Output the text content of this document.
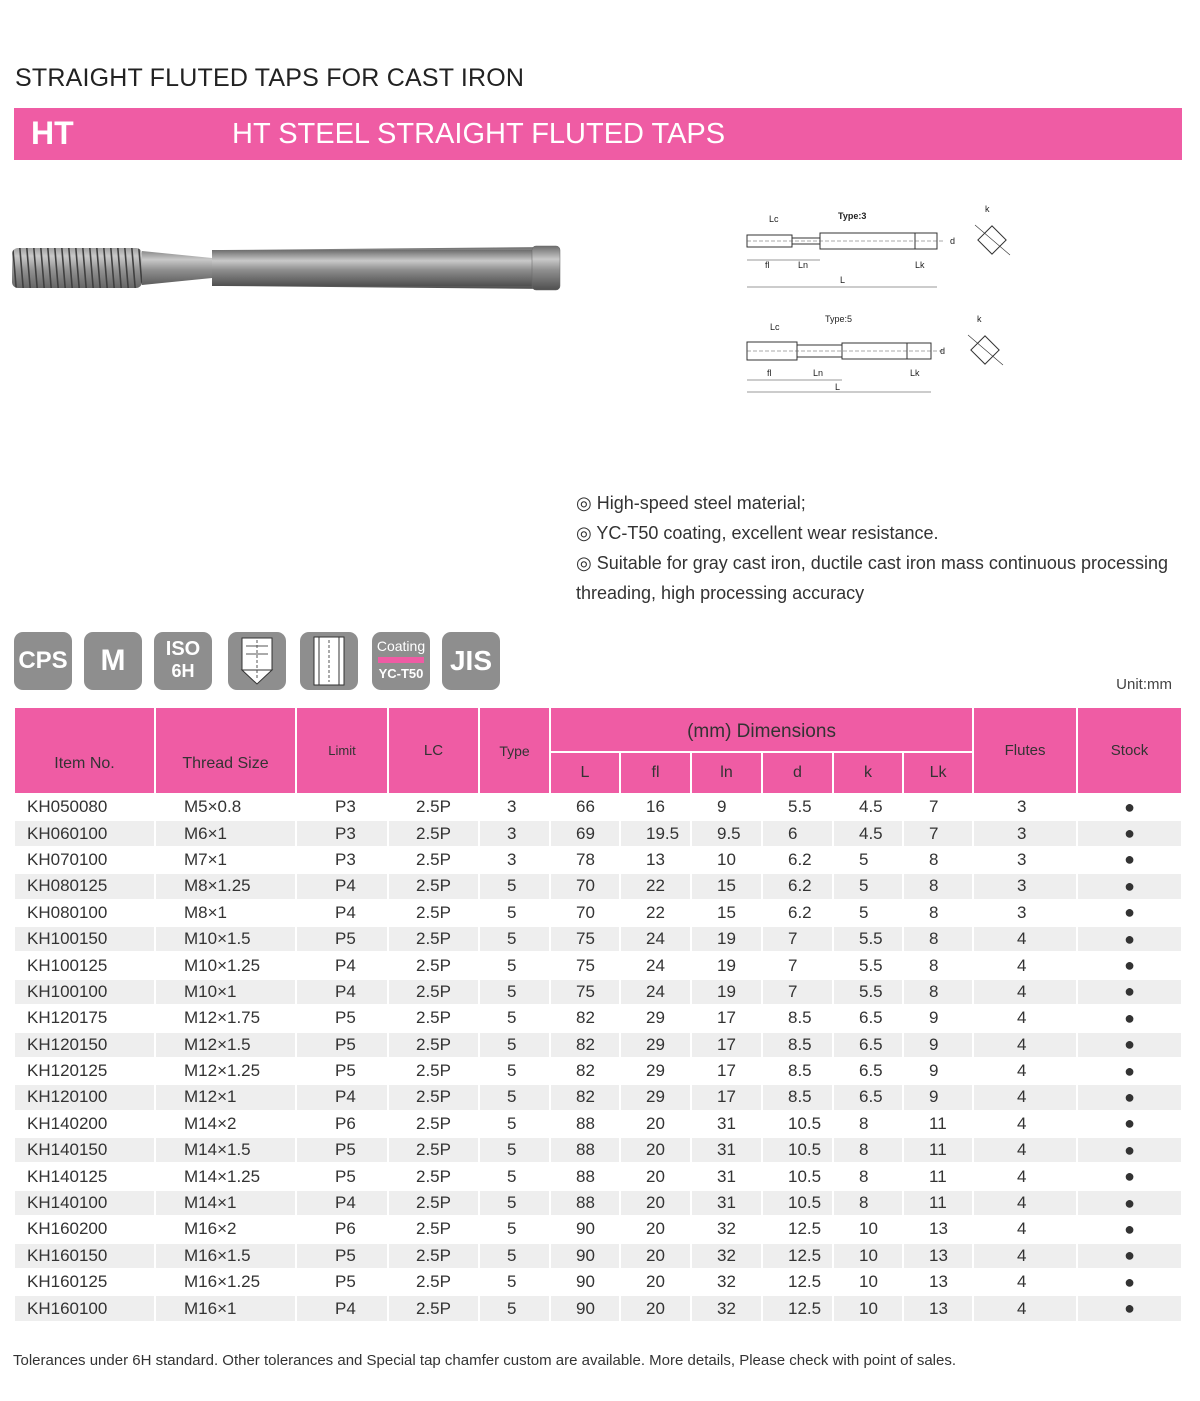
STRAIGHT FLUTED TAPS FOR CAST IRON
HT	HT STEEL STRAIGHT FLUTED TAPS
Type:3
Lc
fl	Ln
L
Lk
d
k
Type:5
Lc
fl	Ln
L
Lk
d
k
◎ High-speed steel material;
◎ YC-T50 coating, excellent wear resistance.
◎ Suitable for gray cast iron, ductile cast iron mass continuous processing threading, high processing accuracy
CPS	M	ISO
6H
Coating
YC-T50 JIS
Unit:mm
Item No.	Thread Size	Limit	LC	Type	(mm) Dimensions						Flutes	Stock
					L	fl	ln	d	k	Lk		
KH050080	M5×0.8	P3	2.5P	3	66	16	9	5.5	4.5	7	3	●
KH060100	M6×1	P3	2.5P	3	69	19.5	9.5	6	4.5	7	3	●
KH070100	M7×1	P3	2.5P	3	78	13	10	6.2	5	8	3	●
KH080125	M8×1.25	P4	2.5P	5	70	22	15	6.2	5	8	3	●
KH080100	M8×1	P4	2.5P	5	70	22	15	6.2	5	8	3	●
KH100150	M10×1.5	P5	2.5P	5	75	24	19	7	5.5	8	4	●
KH100125	M10×1.25	P4	2.5P	5	75	24	19	7	5.5	8	4	●
KH100100	M10×1	P4	2.5P	5	75	24	19	7	5.5	8	4	●
KH120175	M12×1.75	P5	2.5P	5	82	29	17	8.5	6.5	9	4	●
KH120150	M12×1.5	P5	2.5P	5	82	29	17	8.5	6.5	9	4	●
KH120125	M12×1.25	P5	2.5P	5	82	29	17	8.5	6.5	9	4	●
KH120100	M12×1	P4	2.5P	5	82	29	17	8.5	6.5	9	4	●
KH140200	M14×2	P6	2.5P	5	88	20	31	10.5	8	11	4	●
KH140150	M14×1.5	P5	2.5P	5	88	20	31	10.5	8	11	4	●
KH140125	M14×1.25	P5	2.5P	5	88	20	31	10.5	8	11	4	●
KH140100	M14×1	P4	2.5P	5	88	20	31	10.5	8	11	4	●
KH160200	M16×2	P6	2.5P	5	90	20	32	12.5	10	13	4	●
KH160150	M16×1.5	P5	2.5P	5	90	20	32	12.5	10	13	4	●
KH160125	M16×1.25	P5	2.5P	5	90	20	32	12.5	10	13	4	●
KH160100	M16×1	P4	2.5P	5	90	20	32	12.5	10	13	4	●
Tolerances under 6H standard. Other tolerances and Special tap chamfer custom are available. More details, Please check with point of sales.
